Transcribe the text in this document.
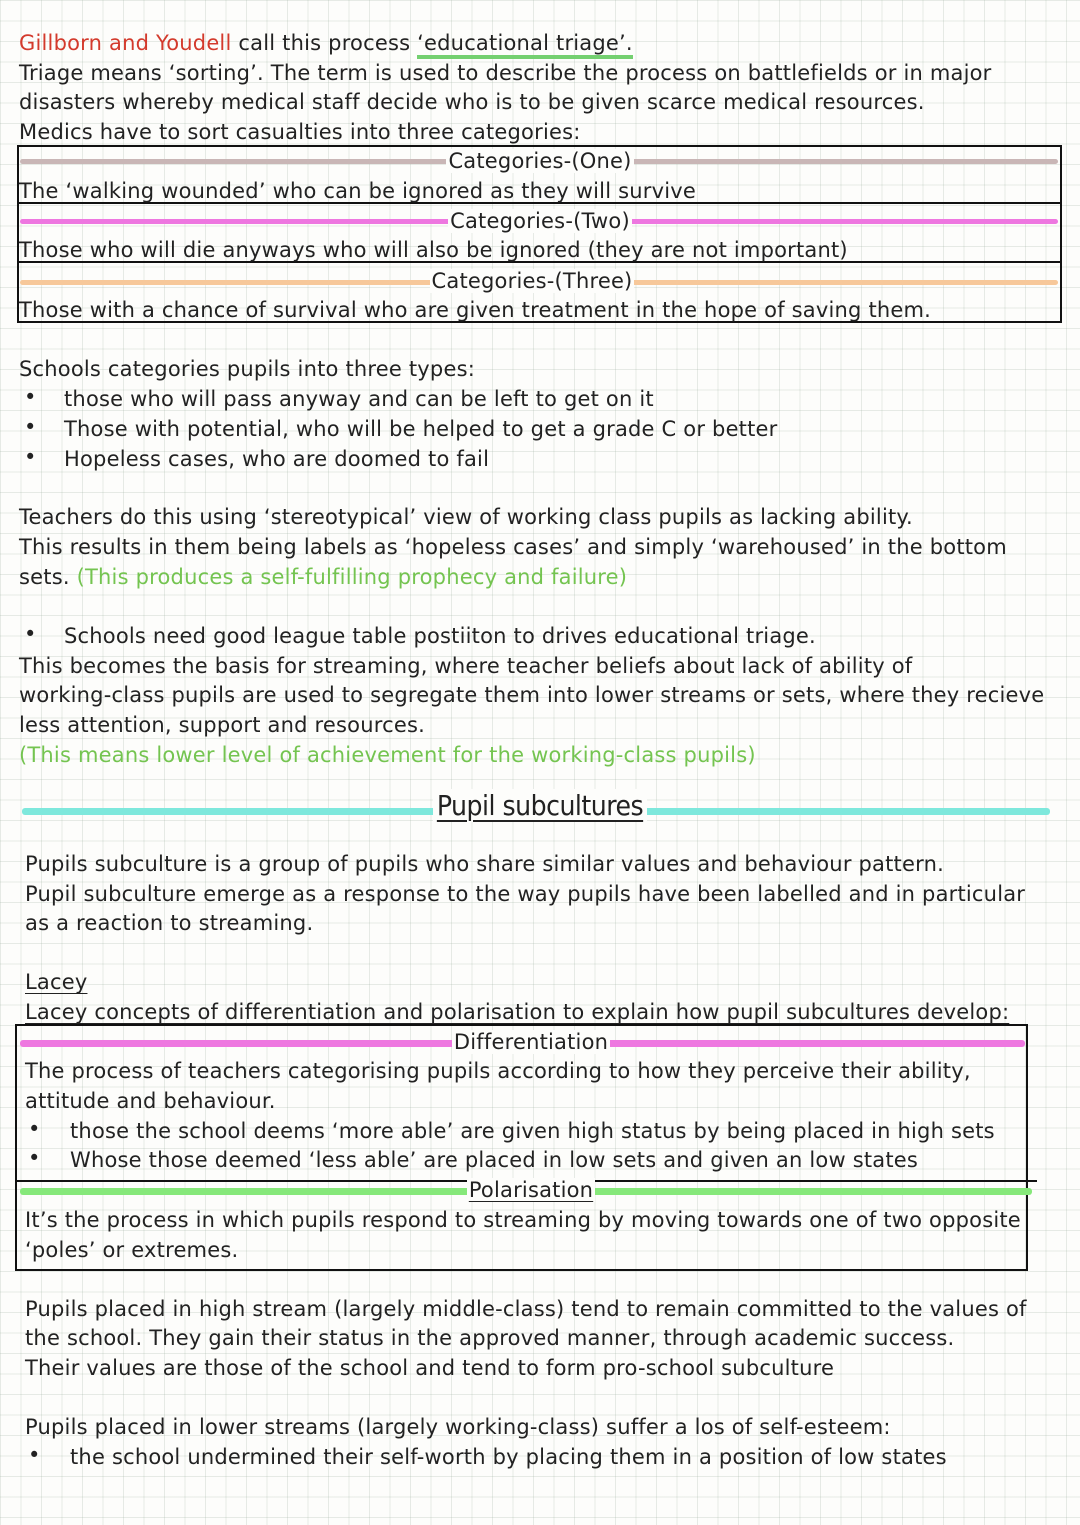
Gillborn and Youdell call this process ‘educational triage’.
Triage means ‘sorting’. The term is used to describe the process on battlefields or in major
disasters whereby medical staff decide who is to be given scarce medical resources.
Medics have to sort casualties into three categories:
Categories-(One)
The ‘walking wounded’ who can be ignored as they will survive
Categories-(Two)
Those who will die anyways who will also be ignored (they are not important)
Categories-(Three)
Those with a chance of survival who are given treatment in the hope of saving them.
Schools categories pupils into three types:
• those who will pass anyway and can be left to get on it
• Those with potential, who will be helped to get a grade C or better
• Hopeless cases, who are doomed to fail
Teachers do this using ‘stereotypical’ view of working class pupils as lacking ability.
This results in them being labels as ‘hopeless cases’ and simply ‘warehoused’ in the bottom
sets. (This produces a self-fulfilling prophecy and failure)
• Schools need good league table postiiton to drives educational triage.
This becomes the basis for streaming, where teacher beliefs about lack of ability of
working-class pupils are used to segregate them into lower streams or sets, where they recieve
less attention, support and resources.
(This means lower level of achievement for the working-class pupils)
Pupil subcultures
Pupils subculture is a group of pupils who share similar values and behaviour pattern.
Pupil subculture emerge as a response to the way pupils have been labelled and in particular
as a reaction to streaming.
Lacey
Lacey concepts of differentiation and polarisation to explain how pupil subcultures develop:
Differentiation
The process of teachers categorising pupils according to how they perceive their ability,
attitude and behaviour.
• those the school deems ‘more able’ are given high status by being placed in high sets
• Whose those deemed ‘less able’ are placed in low sets and given an low states
Polarisation
It’s the process in which pupils respond to streaming by moving towards one of two opposite
‘poles’ or extremes.
Pupils placed in high stream (largely middle-class) tend to remain committed to the values of
the school. They gain their status in the approved manner, through academic success.
Their values are those of the school and tend to form pro-school subculture
Pupils placed in lower streams (largely working-class) suffer a los of self-esteem:
• the school undermined their self-worth by placing them in a position of low states
